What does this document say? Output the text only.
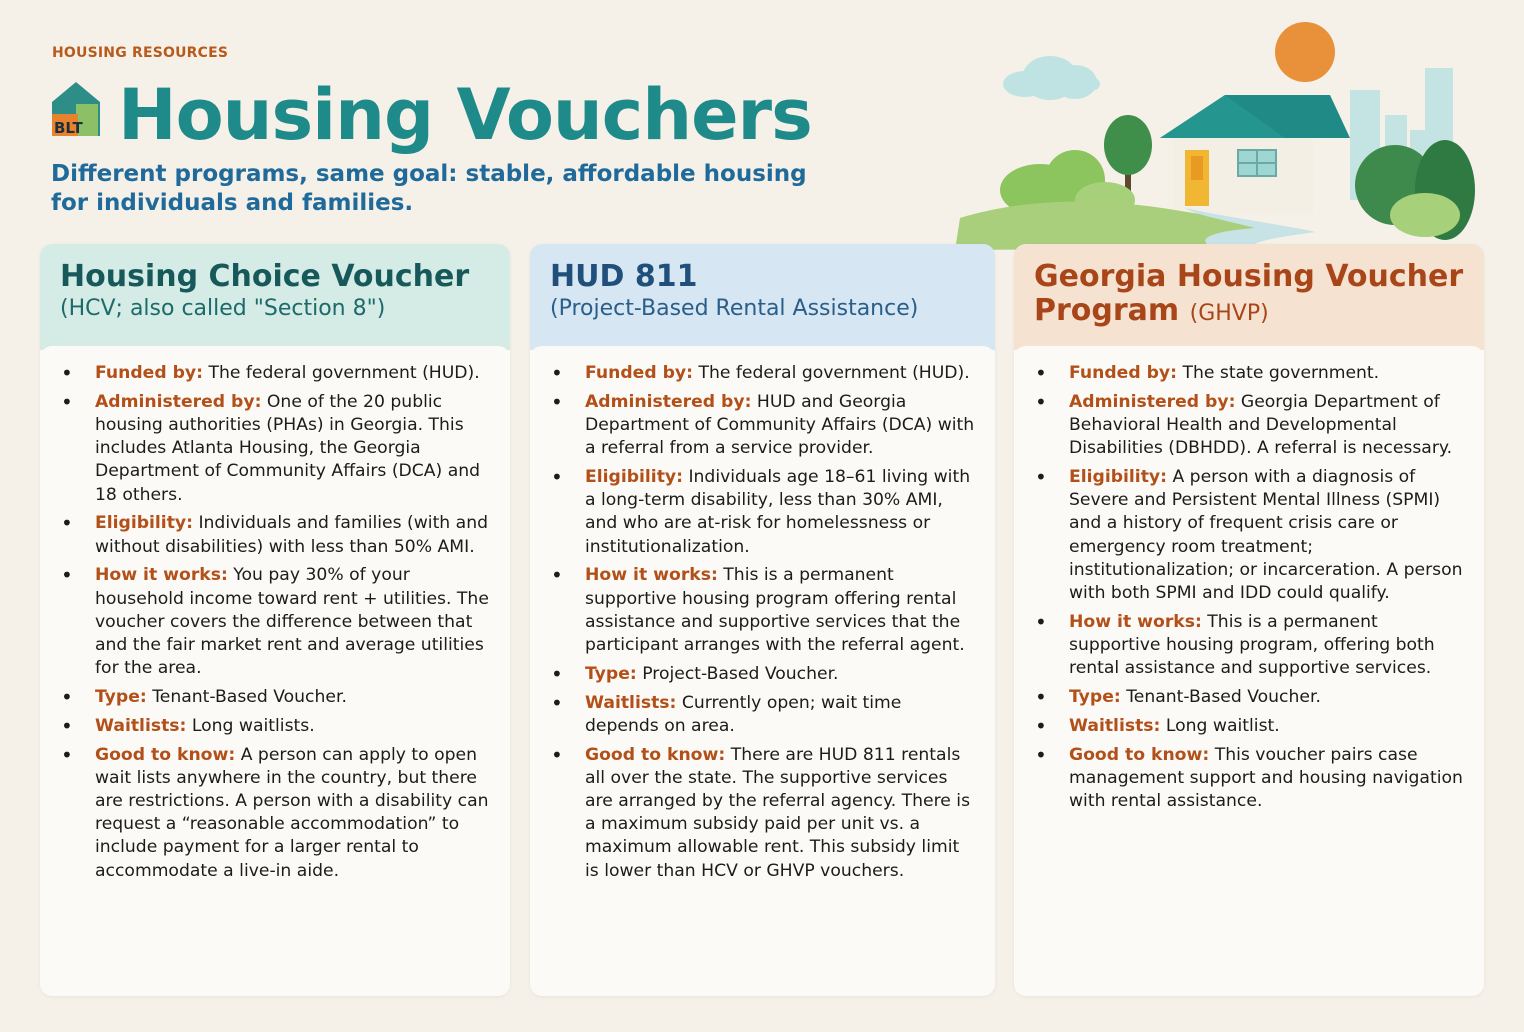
HOUSING RESOURCES
BLT Housing Vouchers
Different programs, same goal: stable, affordable housing for individuals and families.
Housing Choice Voucher
(HCV; also called "Section 8")
• Funded by: The federal government (HUD).
• Administered by: One of the 20 public housing authorities (PHAs) in Georgia. This includes Atlanta Housing, the Georgia Department of Community Affairs (DCA) and 18 others.
• Eligibility: Individuals and families (with and without disabilities) with less than 50% AMI.
• How it works: You pay 30% of your household income toward rent + utilities. The voucher covers the difference between that and the fair market rent and average utilities for the area.
• Type: Tenant-Based Voucher.
• Waitlists: Long waitlists.
• Good to know: A person can apply to open wait lists anywhere in the country, but there are restrictions. A person with a disability can request a “reasonable accommodation” to include payment for a larger rental to accommodate a live-in aide.
HUD 811
(Project-Based Rental Assistance)
• Funded by: The federal government (HUD).
• Administered by: HUD and Georgia Department of Community Affairs (DCA) with a referral from a service provider.
• Eligibility: Individuals age 18–61 living with a long-term disability, less than 30% AMI, and who are at-risk for homelessness or institutionalization.
• How it works: This is a permanent supportive housing program offering rental assistance and supportive services that the participant arranges with the referral agent.
• Type: Project-Based Voucher.
• Waitlists: Currently open; wait time depends on area.
• Good to know: There are HUD 811 rentals all over the state. The supportive services are arranged by the referral agency. There is a maximum subsidy paid per unit vs. a maximum allowable rent. This subsidy limit is lower than HCV or GHVP vouchers.
Georgia Housing Voucher Program (GHVP)
• Funded by: The state government.
• Administered by: Georgia Department of Behavioral Health and Developmental Disabilities (DBHDD). A referral is necessary.
• Eligibility: A person with a diagnosis of Severe and Persistent Mental Illness (SPMI) and a history of frequent crisis care or emergency room treatment; institutionalization; or incarceration. A person with both SPMI and IDD could qualify.
• How it works: This is a permanent supportive housing program, offering both rental assistance and supportive services.
• Type: Tenant-Based Voucher.
• Waitlists: Long waitlist.
• Good to know: This voucher pairs case management support and housing navigation with rental assistance.
